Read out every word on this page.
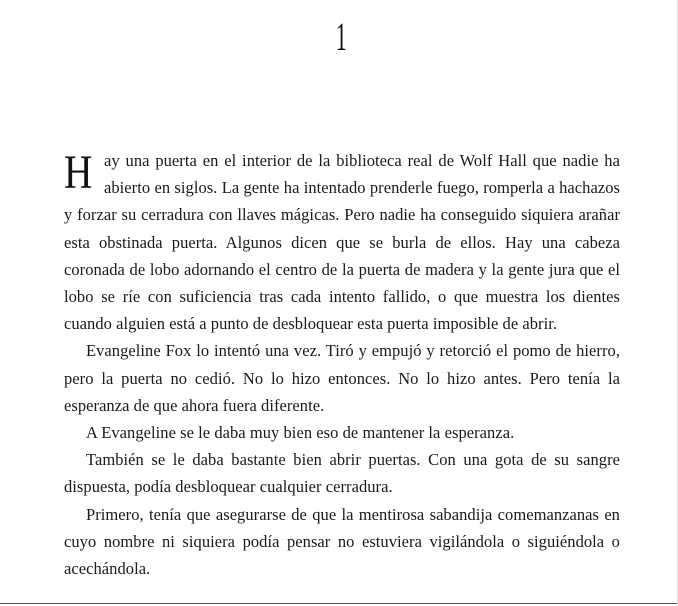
1

Hay una puerta en el interior de la biblioteca real de Wolf Hall que nadie ha abierto en siglos. La gente ha intentado prenderle fuego, romperla a hachazos y forzar su cerradura con llaves mágicas. Pero nadie ha conseguido siquiera arañar esta obstinada puerta. Algunos dicen que se burla de ellos. Hay una cabeza coronada de lobo adornando el centro de la puerta de madera y la gente jura que el lobo se ríe con suficiencia tras cada intento fallido, o que muestra los dientes cuando alguien está a punto de desbloquear esta puerta imposible de abrir.

Evangeline Fox lo intentó una vez. Tiró y empujó y retorció el pomo de hierro, pero la puerta no cedió. No lo hizo entonces. No lo hizo antes. Pero tenía la esperanza de que ahora fuera diferente.

A Evangeline se le daba muy bien eso de mantener la esperanza.

También se le daba bastante bien abrir puertas. Con una gota de su sangre dispuesta, podía desbloquear cualquier cerradura.

Primero, tenía que asegurarse de que la mentirosa sabandija comemanzanas en cuyo nombre ni siquiera podía pensar no estuviera vigilándola o siguiéndola o acechándola.
